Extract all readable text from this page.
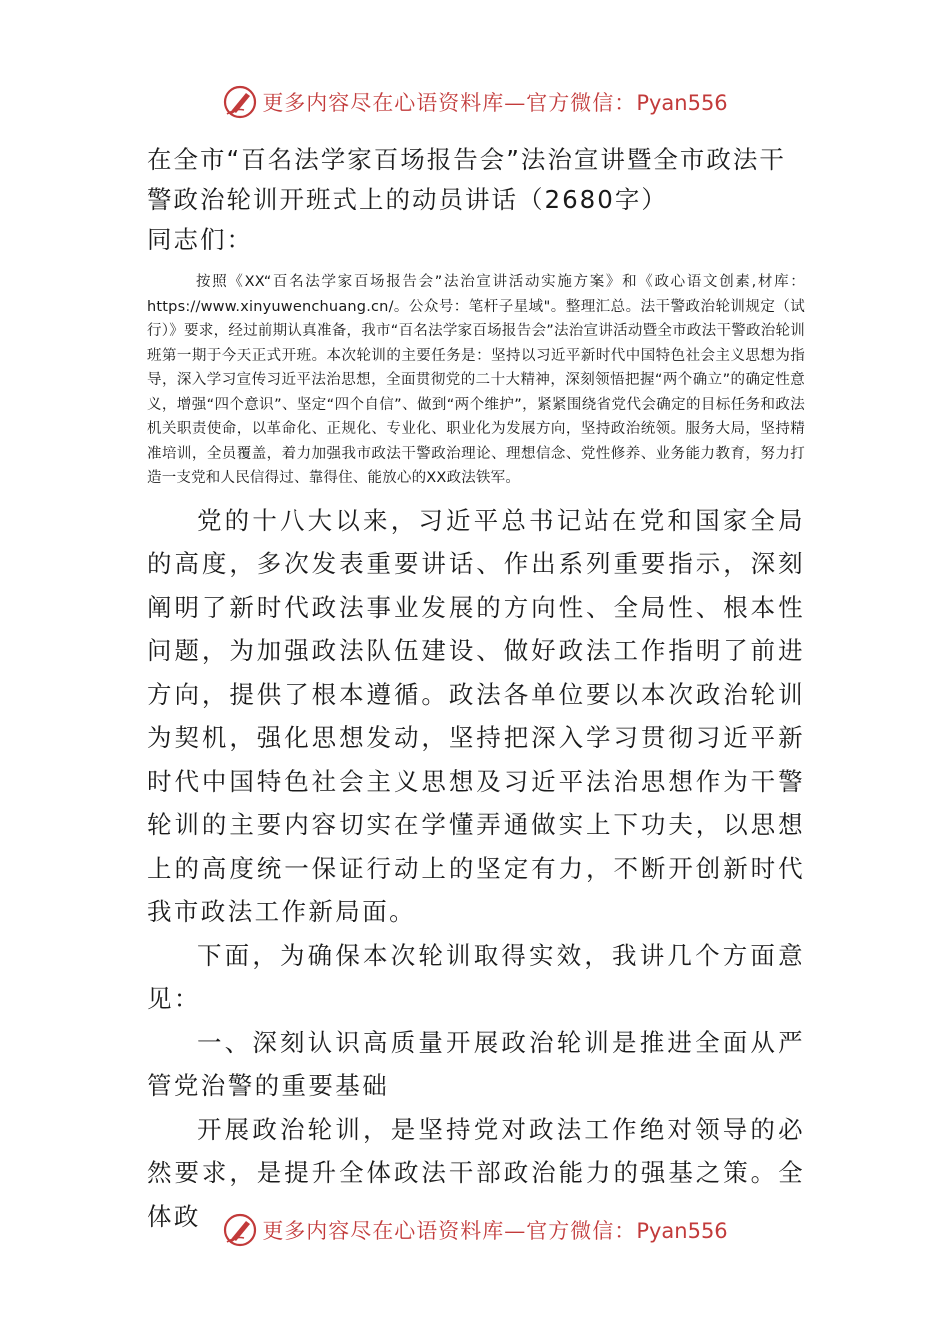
更多内容尽在心语资料库—官方微信：Pyan556
在全市“百名法学家百场报告会”法治宣讲暨全市政法干警政治轮训开班式上的动员讲话（2680字）

同志们：

按照《XX“百名法学家百场报告会”法治宣讲活动实施方案》和《政心语文创素,材库：https://www.xinyuwenchuang.cn/。公众号：笔杆子星域"。整理汇总。法干警政治轮训规定（试行）》要求，经过前期认真准备，我市“百名法学家百场报告会”法治宣讲活动暨全市政法干警政治轮训班第一期于今天正式开班。本次轮训的主要任务是：坚持以习近平新时代中国特色社会主义思想为指导，深入学习宣传习近平法治思想，全面贯彻党的二十大精神，深刻领悟把握“两个确立”的确定性意义，增强“四个意识”、坚定“四个自信”、做到“两个维护”，紧紧围绕省党代会确定的目标任务和政法机关职责使命，以革命化、正规化、专业化、职业化为发展方向，坚持政治统领。服务大局，坚持精准培训，全员覆盖，着力加强我市政法干警政治理论、理想信念、党性修养、业务能力教育，努力打造一支党和人民信得过、靠得住、能放心的XX政法铁军。

党的十八大以来，习近平总书记站在党和国家全局的高度，多次发表重要讲话、作出系列重要指示，深刻阐明了新时代政法事业发展的方向性、全局性、根本性问题，为加强政法队伍建设、做好政法工作指明了前进方向，提供了根本遵循。政法各单位要以本次政治轮训为契机，强化思想发动，坚持把深入学习贯彻习近平新时代中国特色社会主义思想及习近平法治思想作为干警轮训的主要内容切实在学懂弄通做实上下功夫，以思想上的高度统一保证行动上的坚定有力，不断开创新时代我市政法工作新局面。

下面，为确保本次轮训取得实效，我讲几个方面意见：

一、深刻认识高质量开展政治轮训是推进全面从严管党治警的重要基础

开展政治轮训，是坚持党对政法工作绝对领导的必然要求，是提升全体政法干部政治能力的强基之策。全体政

更多内容尽在心语资料库—官方微信：Pyan556
